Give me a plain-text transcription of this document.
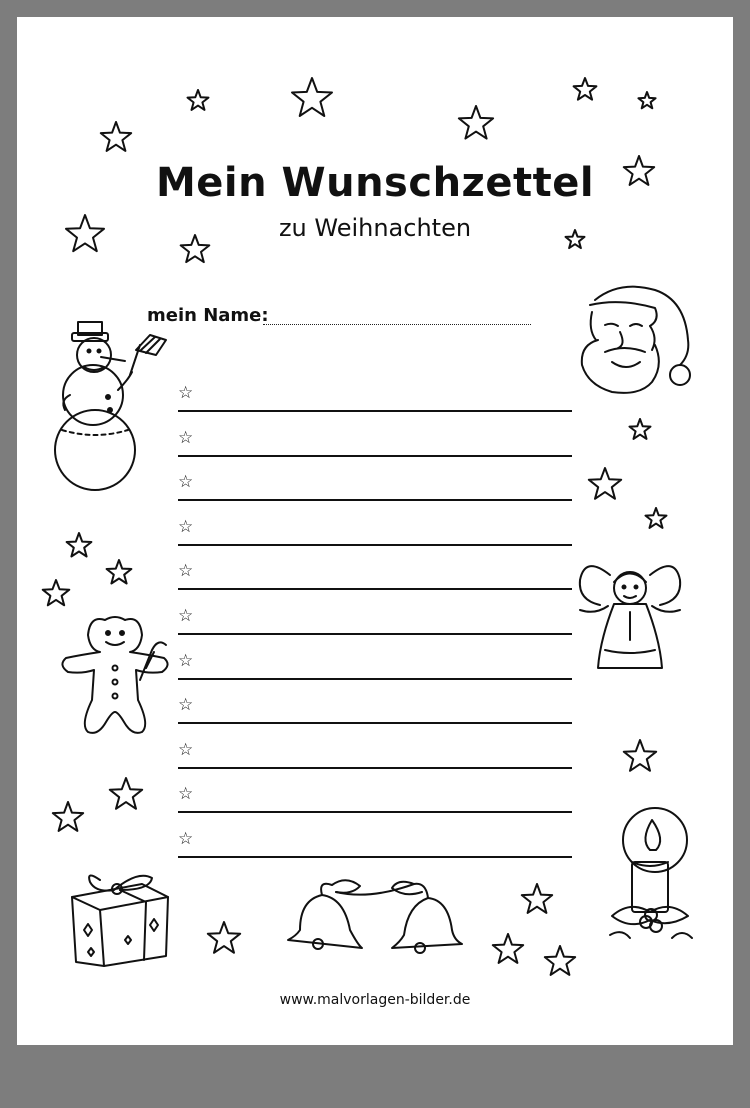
Mein Wunschzettel
zu Weihnachten
mein Name:
☆
☆
☆
☆
☆
☆
☆
☆
☆
☆
☆
www.malvorlagen-bilder.de
